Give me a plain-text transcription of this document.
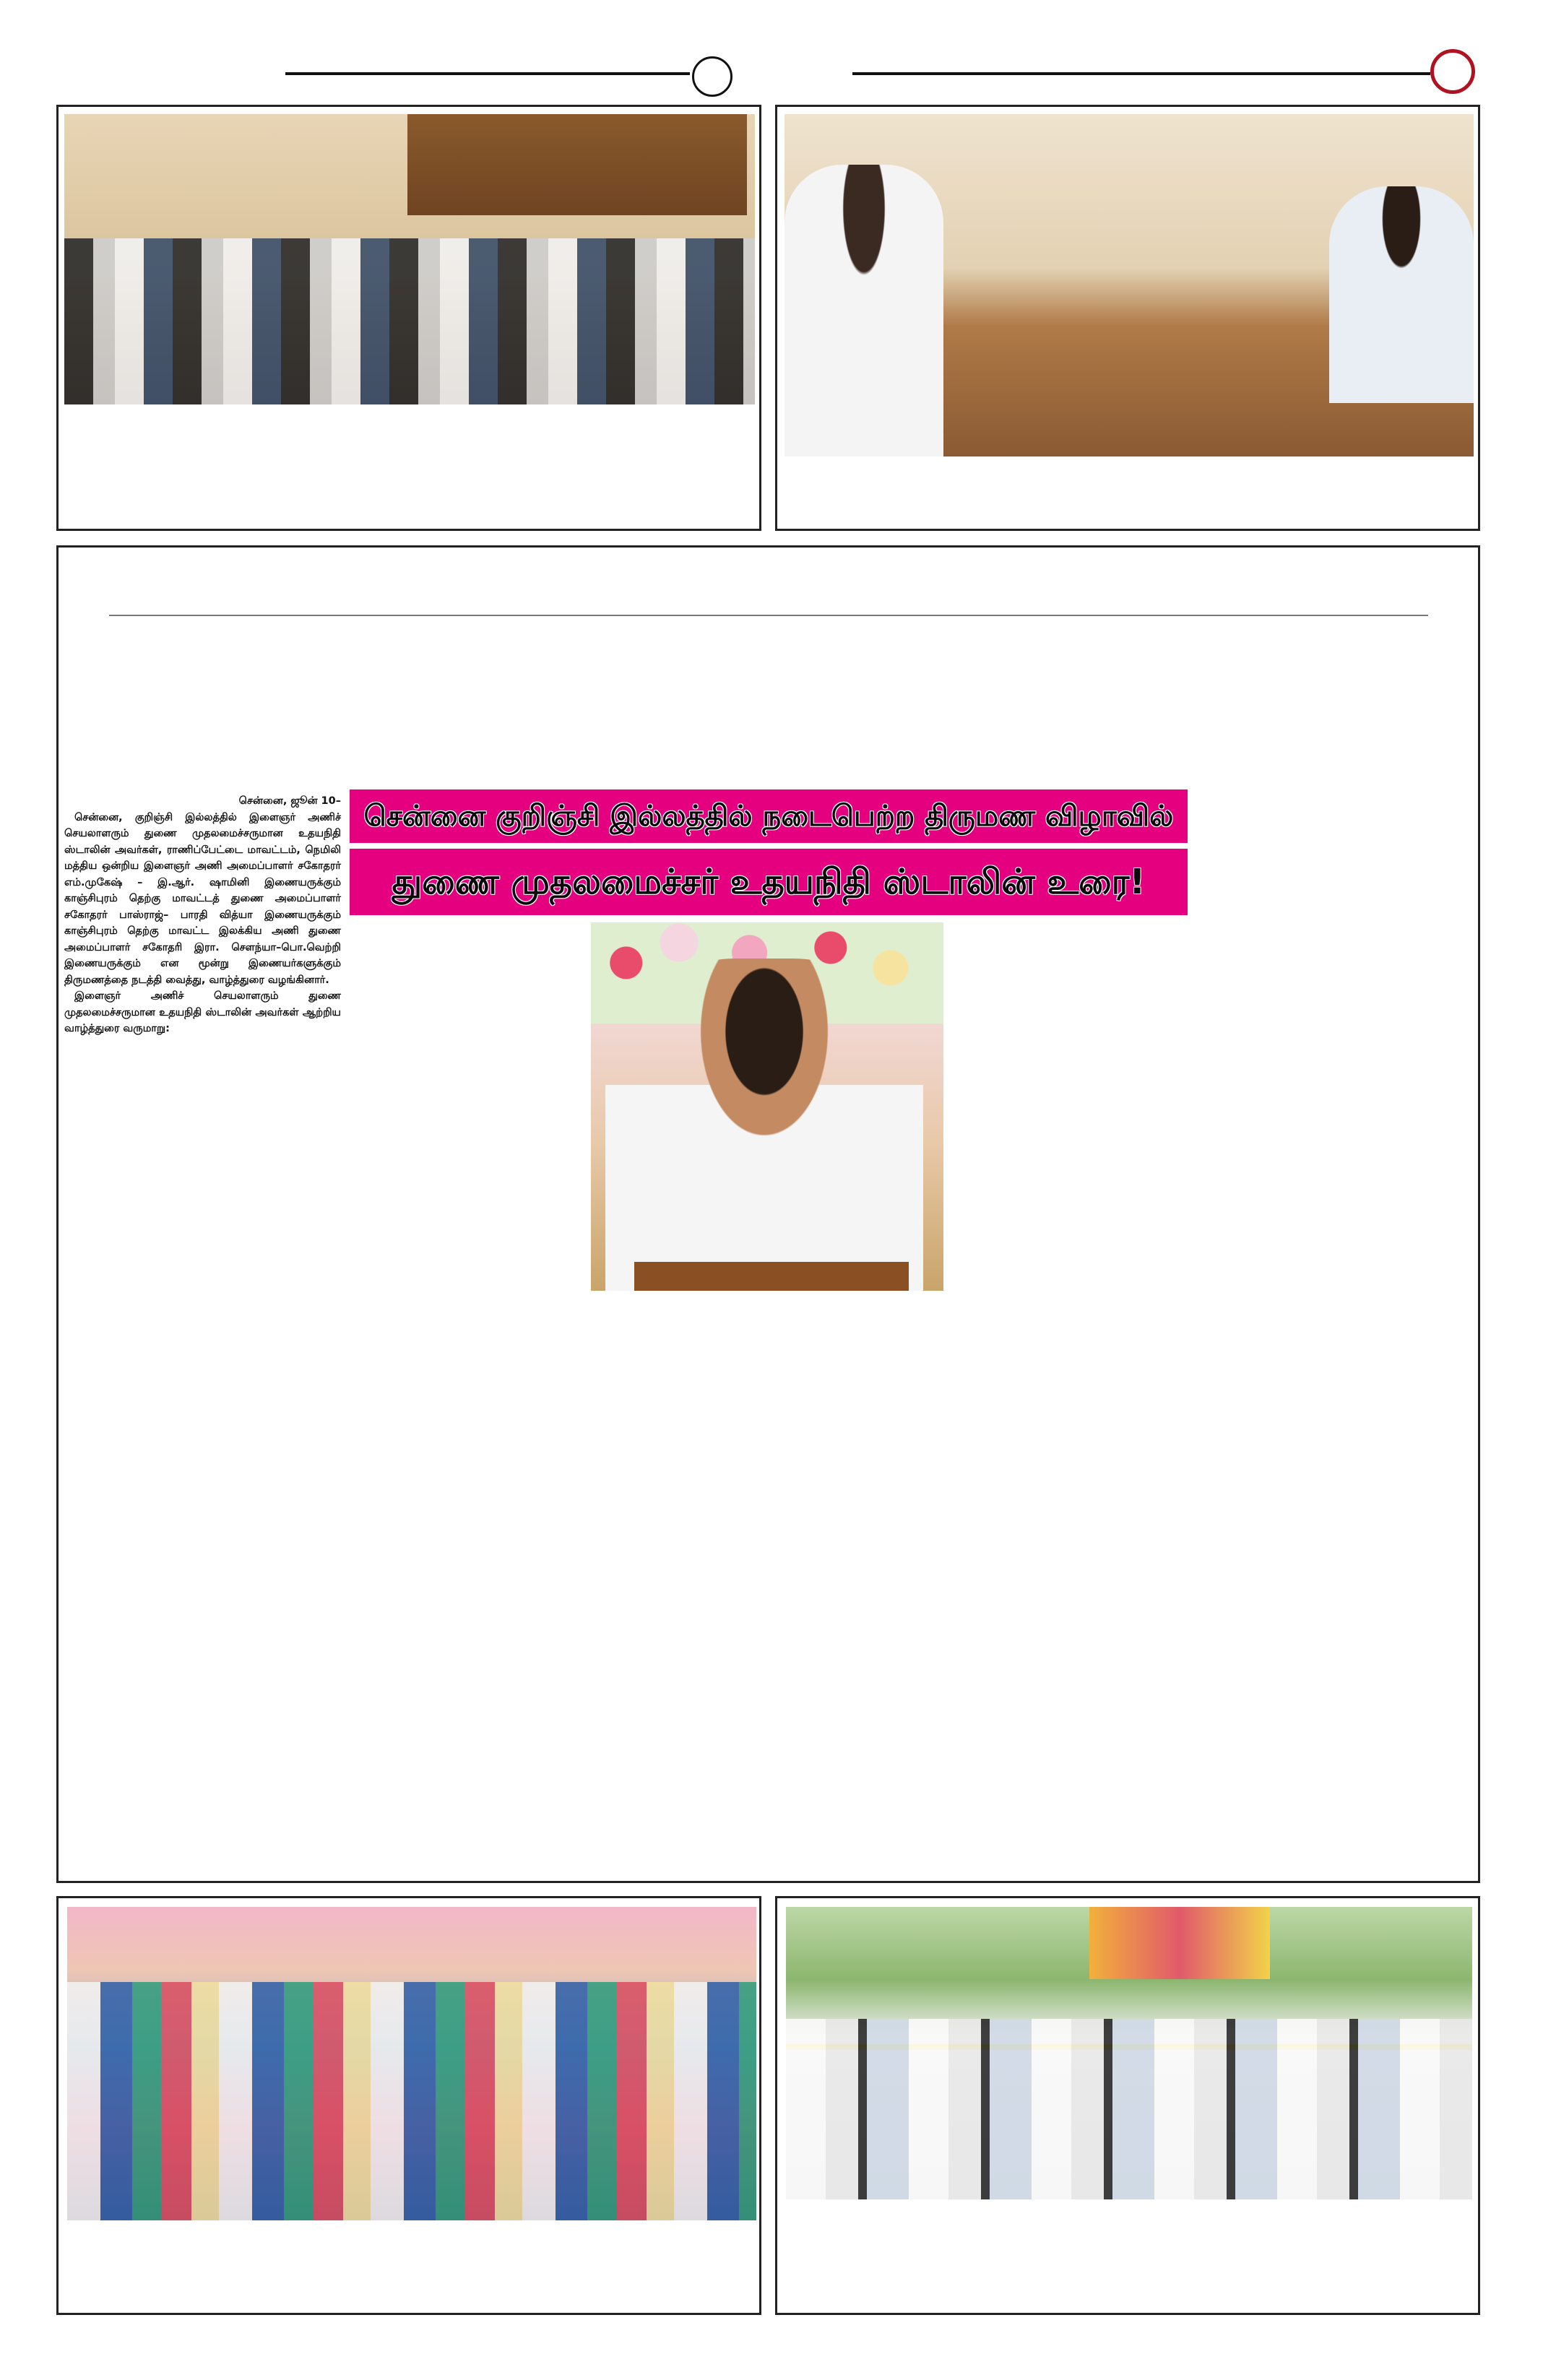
சென்னை, ஜூன் 10–

சென்னை, குறிஞ்சி இல்லத்தில் இளைஞர் அணிச் செயலாளரும் துணை முதலமைச்சருமான உதயநிதி ஸ்டாலின் அவர்கள், ராணிப்பேட்டை மாவட்டம், நெமிலி மத்திய ஒன்றிய இளைஞர் அணி அமைப்பாளர் சகோதரர் எம்.முகேஷ் – இ.ஆர். ஷாமினி இணையருக்கும் காஞ்சிபுரம் தெற்கு மாவட்டத் துணை அமைப்பாளர் சகோதரர் பாஸ்ராஜ்– பாரதி வித்யா இணையருக்கும் காஞ்சிபுரம் தெற்கு மாவட்ட இலக்கிய அணி துணை அமைப்பாளர் சகோதரி இரா. சௌந்யா–பொ.வெற்றி இணையருக்கும் என மூன்று இணையர்களுக்கும் திருமணத்தை நடத்தி வைத்து, வாழ்த்துரை வழங்கினார்.

இளைஞர் அணிச் செயலாளரும் துணை முதலமைச்சருமான உதயநிதி ஸ்டாலின் அவர்கள் ஆற்றிய வாழ்த்துரை வருமாறு:

சென்னை குறிஞ்சி இல்லத்தில் நடைபெற்ற திருமண விழாவில்
துணை முதலமைச்சர் உதயநிதி ஸ்டாலின் உரை!
